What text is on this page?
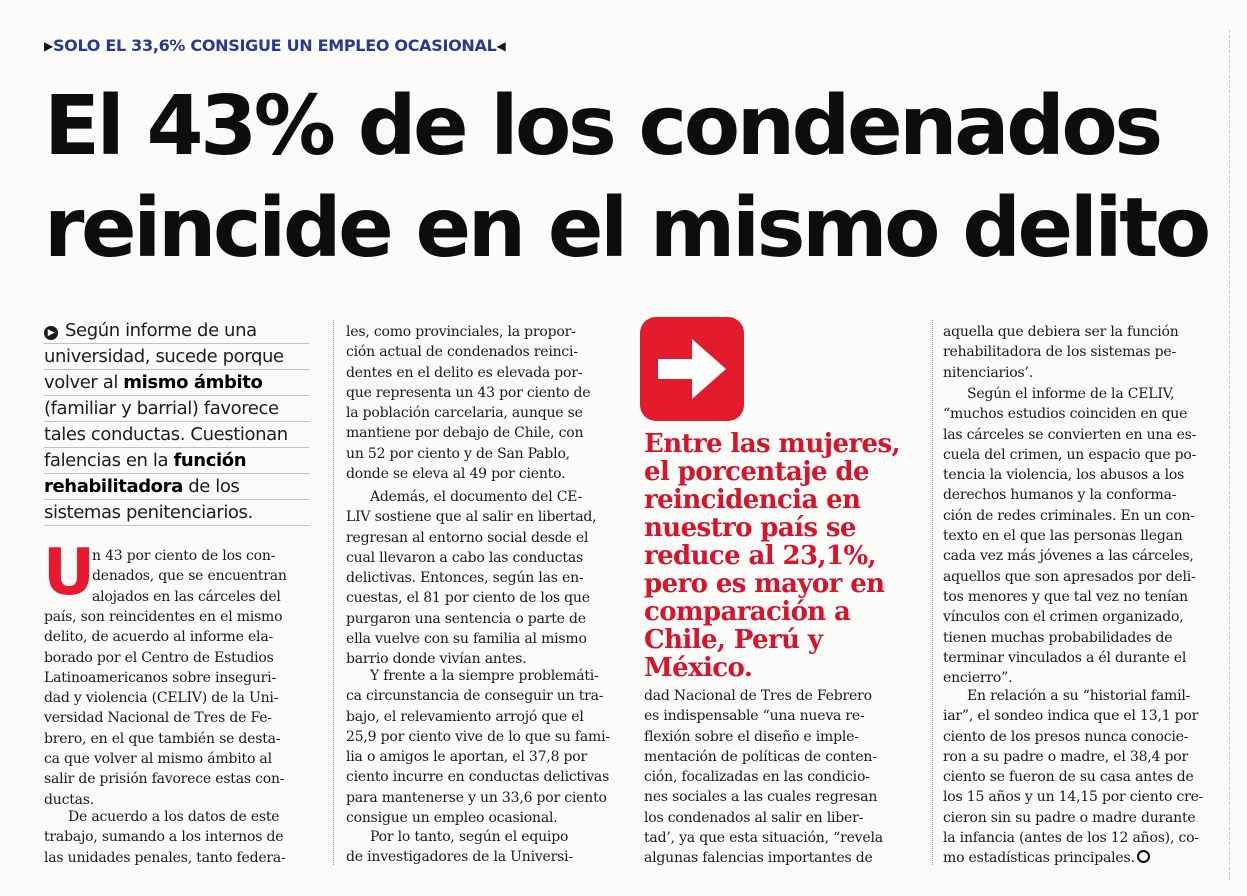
▶SOLO EL 33,6% CONSIGUE UN EMPLEO OCASIONAL◀
El 43% de los condenados
reincide en el mismo delito
▶ Según informe de una
universidad, sucede porque
volver al mismo ámbito
(familiar y barrial) favorece
tales conductas. Cuestionan
falencias en la función
rehabilitadora de los
sistemas penitenciarios.
U
n 43 por ciento de los con-
denados, que se encuentran
alojados en las cárceles del
país, son reincidentes en el mismo
delito, de acuerdo al informe ela-
borado por el Centro de Estudios
Latinoamericanos sobre inseguri-
dad y violencia (CELIV) de la Uni-
versidad Nacional de Tres de Fe-
brero, en el que también se desta-
ca que volver al mismo ámbito al
salir de prisión favorece estas con-
ductas.
De acuerdo a los datos de este
trabajo, sumando a los internos de
las unidades penales, tanto federa-
les, como provinciales, la propor-
ción actual de condenados reinci-
dentes en el delito es elevada por-
que representa un 43 por ciento de
la población carcelaria, aunque se
mantiene por debajo de Chile, con
un 52 por ciento y de San Pablo,
donde se eleva al 49 por ciento.
Además, el documento del CE-
LIV sostiene que al salir en libertad,
regresan al entorno social desde el
cual llevaron a cabo las conductas
delictivas. Entonces, según las en-
cuestas, el 81 por ciento de los que
purgaron una sentencia o parte de
ella vuelve con su familia al mismo
barrio donde vivían antes.
Y frente a la siempre problemáti-
ca circunstancia de conseguir un tra-
bajo, el relevamiento arrojó que el
25,9 por ciento vive de lo que su fami-
lia o amigos le aportan, el 37,8 por
ciento incurre en conductas delictivas
para mantenerse y un 33,6 por ciento
consigue un empleo ocasional.
Por lo tanto, según el equipo
de investigadores de la Universi-
Entre las mujeres,
el porcentaje de
reincidencia en
nuestro país se
reduce al 23,1%,
pero es mayor en
comparación a
Chile, Perú y
México.
dad Nacional de Tres de Febrero
es indispensable “una nueva re-
flexión sobre el diseño e imple-
mentación de políticas de conten-
ción, focalizadas en las condicio-
nes sociales a las cuales regresan
los condenados al salir en liber-
tad’, ya que esta situación, “revela
algunas falencias importantes de
aquella que debiera ser la función
rehabilitadora de los sistemas pe-
nitenciarios’.
Según el informe de la CELIV,
“muchos estudios coinciden en que
las cárceles se convierten en una es-
cuela del crimen, un espacio que po-
tencia la violencia, los abusos a los
derechos humanos y la conforma-
ción de redes criminales. En un con-
texto en el que las personas llegan
cada vez más jóvenes a las cárceles,
aquellos que son apresados por deli-
tos menores y que tal vez no tenían
vínculos con el crimen organizado,
tienen muchas probabilidades de
terminar vinculados a él durante el
encierro”.
En relación a su “historial famil-
iar”, el sondeo indica que el 13,1 por
ciento de los presos nunca conocie-
ron a su padre o madre, el 38,4 por
ciento se fueron de su casa antes de
los 15 años y un 14,15 por ciento cre-
cieron sin su padre o madre durante
la infancia (antes de los 12 años), co-
mo estadísticas principales.
